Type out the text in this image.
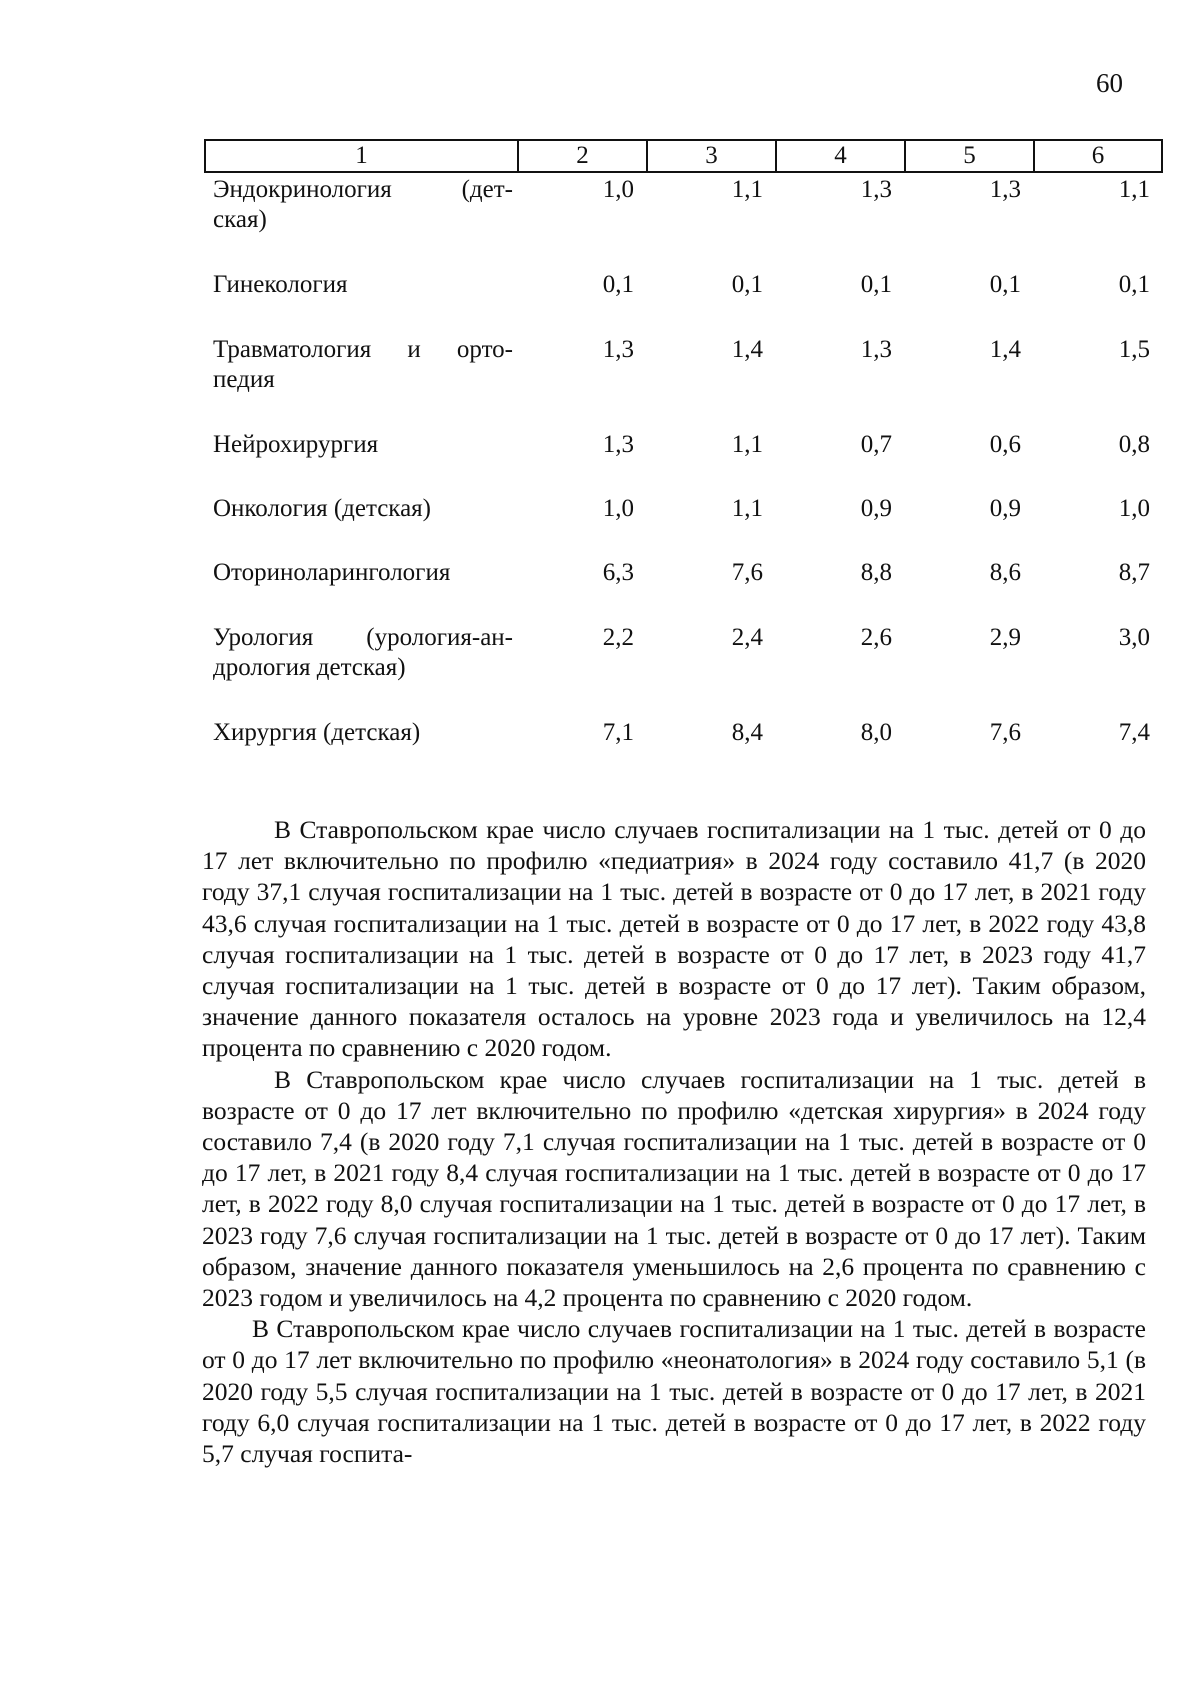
60
1	2	3	4	5	6
Эндокринология (дет-
ская)
1,0	1,1	1,3	1,3	1,1
Гинекология	0,1	0,1	0,1	0,1	0,1
Травматология и орто-
педия
1,3	1,4	1,3	1,4	1,5
Нейрохирургия	1,3	1,1	0,7	0,6	0,8
Онкология (детская)	1,0	1,1	0,9	0,9	1,0
Оториноларингология	6,3	7,6	8,8	8,6	8,7
Урология (урология-ан-
дрология детская)
2,2	2,4	2,6	2,9	3,0
Хирургия (детская)	7,1	8,4	8,0	7,6	7,4

В Ставропольском крае число случаев госпитализации на 1 тыс. детей от 0 до 17 лет включительно по профилю «педиатрия» в 2024 году составило 41,7 (в 2020 году 37,1 случая госпитализации на 1 тыс. детей в возрасте от 0 до 17 лет, в 2021 году 43,6 случая госпитализации на 1 тыс. детей в возрасте от 0 до 17 лет, в 2022 году 43,8 случая госпитализации на 1 тыс. детей в возрасте от 0 до 17 лет, в 2023 году 41,7 случая госпитализации на 1 тыс. детей в возрасте от 0 до 17 лет). Таким образом, значение данного показателя осталось на уровне 2023 года и увеличилось на 12,4 процента по сравнению с 2020 годом.

В Ставропольском крае число случаев госпитализации на 1 тыс. детей в возрасте от 0 до 17 лет включительно по профилю «детская хирургия» в 2024 году составило 7,4 (в 2020 году 7,1 случая госпитализации на 1 тыс. детей в возрасте от 0 до 17 лет, в 2021 году 8,4 случая госпитализации на 1 тыс. детей в возрасте от 0 до 17 лет, в 2022 году 8,0 случая госпитализации на 1 тыс. детей в возрасте от 0 до 17 лет, в 2023 году 7,6 случая госпитализации на 1 тыс. детей в возрасте от 0 до 17 лет). Таким образом, значение данного показателя уменьшилось на 2,6 процента по сравнению с 2023 годом и увеличилось на 4,2 процента по сравнению с 2020 годом.

В Ставропольском крае число случаев госпитализации на 1 тыс. детей в возрасте от 0 до 17 лет включительно по профилю «неонатология» в 2024 году составило 5,1 (в 2020 году 5,5 случая госпитализации на 1 тыс. детей в возрасте от 0 до 17 лет, в 2021 году 6,0 случая госпитализации на 1 тыс. детей в возрасте от 0 до 17 лет, в 2022 году 5,7 случая госпита-
